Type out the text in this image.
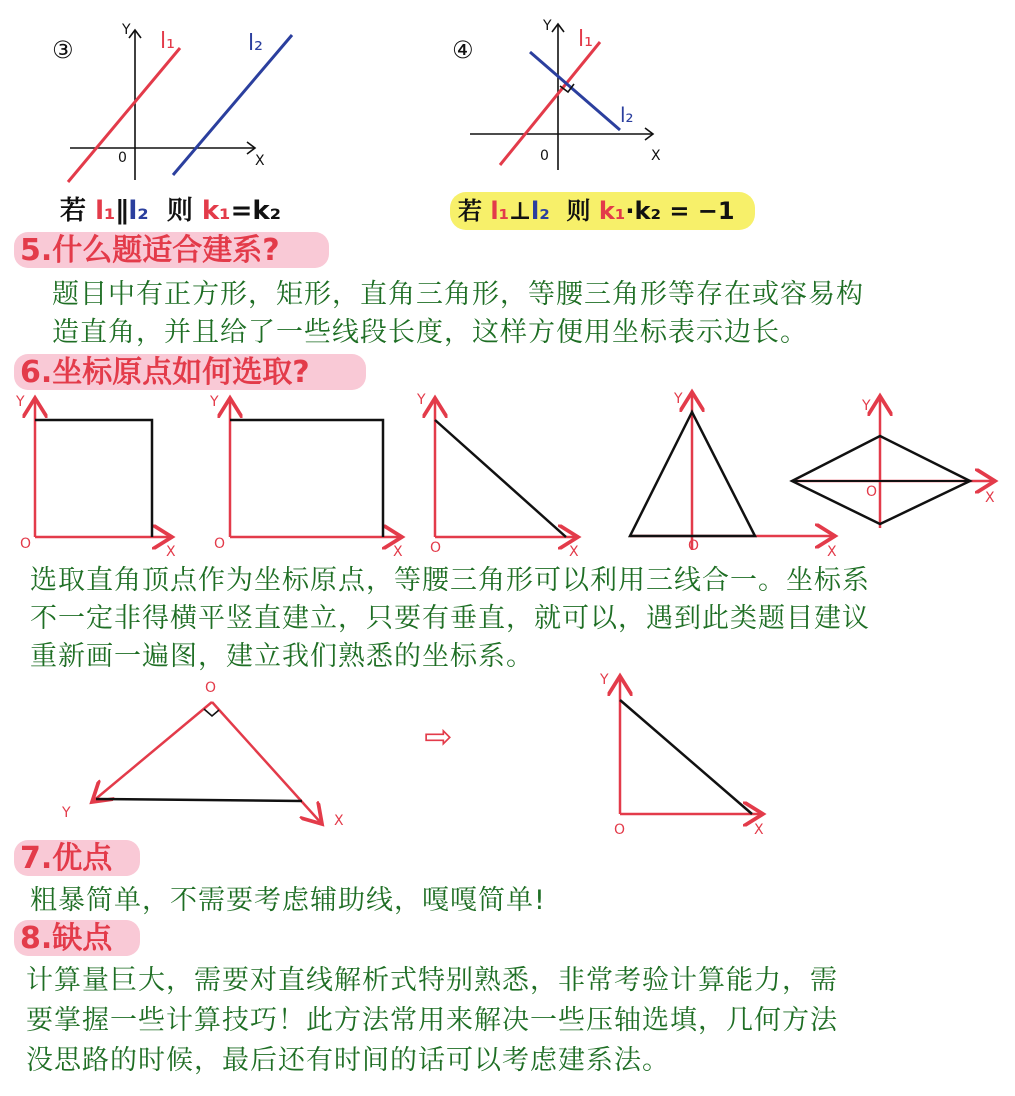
③
Y
X
0
l₁	l₂	④
Y
X
0
l₁
l₂
若 l₁∥l₂ 则 k₁=k₂	若 l₁⊥l₂ 则 k₁·k₂ = −1
5.什么题适合建系?
题目中有正方形，矩形，直角三角形，等腰三角形等存在或容易构
造直角，并且给了一些线段长度，这样方便用坐标表示边长。
6.坐标原点如何选取?
Y
O	X
Y
O	X
Y
O	X
Y
O	X
Y
O	X
选取直角顶点作为坐标原点，等腰三角形可以利用三线合一。坐标系
不一定非得横平竖直建立，只要有垂直，就可以，遇到此类题目建议
重新画一遍图，建立我们熟悉的坐标系。
O
Y	X
⇨
Y
O	X
7.优点
粗暴简单，不需要考虑辅助线，嘎嘎简单!
8.缺点
计算量巨大，需要对直线解析式特别熟悉，非常考验计算能力，需
要掌握一些计算技巧！此方法常用来解决一些压轴选填，几何方法
没思路的时候，最后还有时间的话可以考虑建系法。
